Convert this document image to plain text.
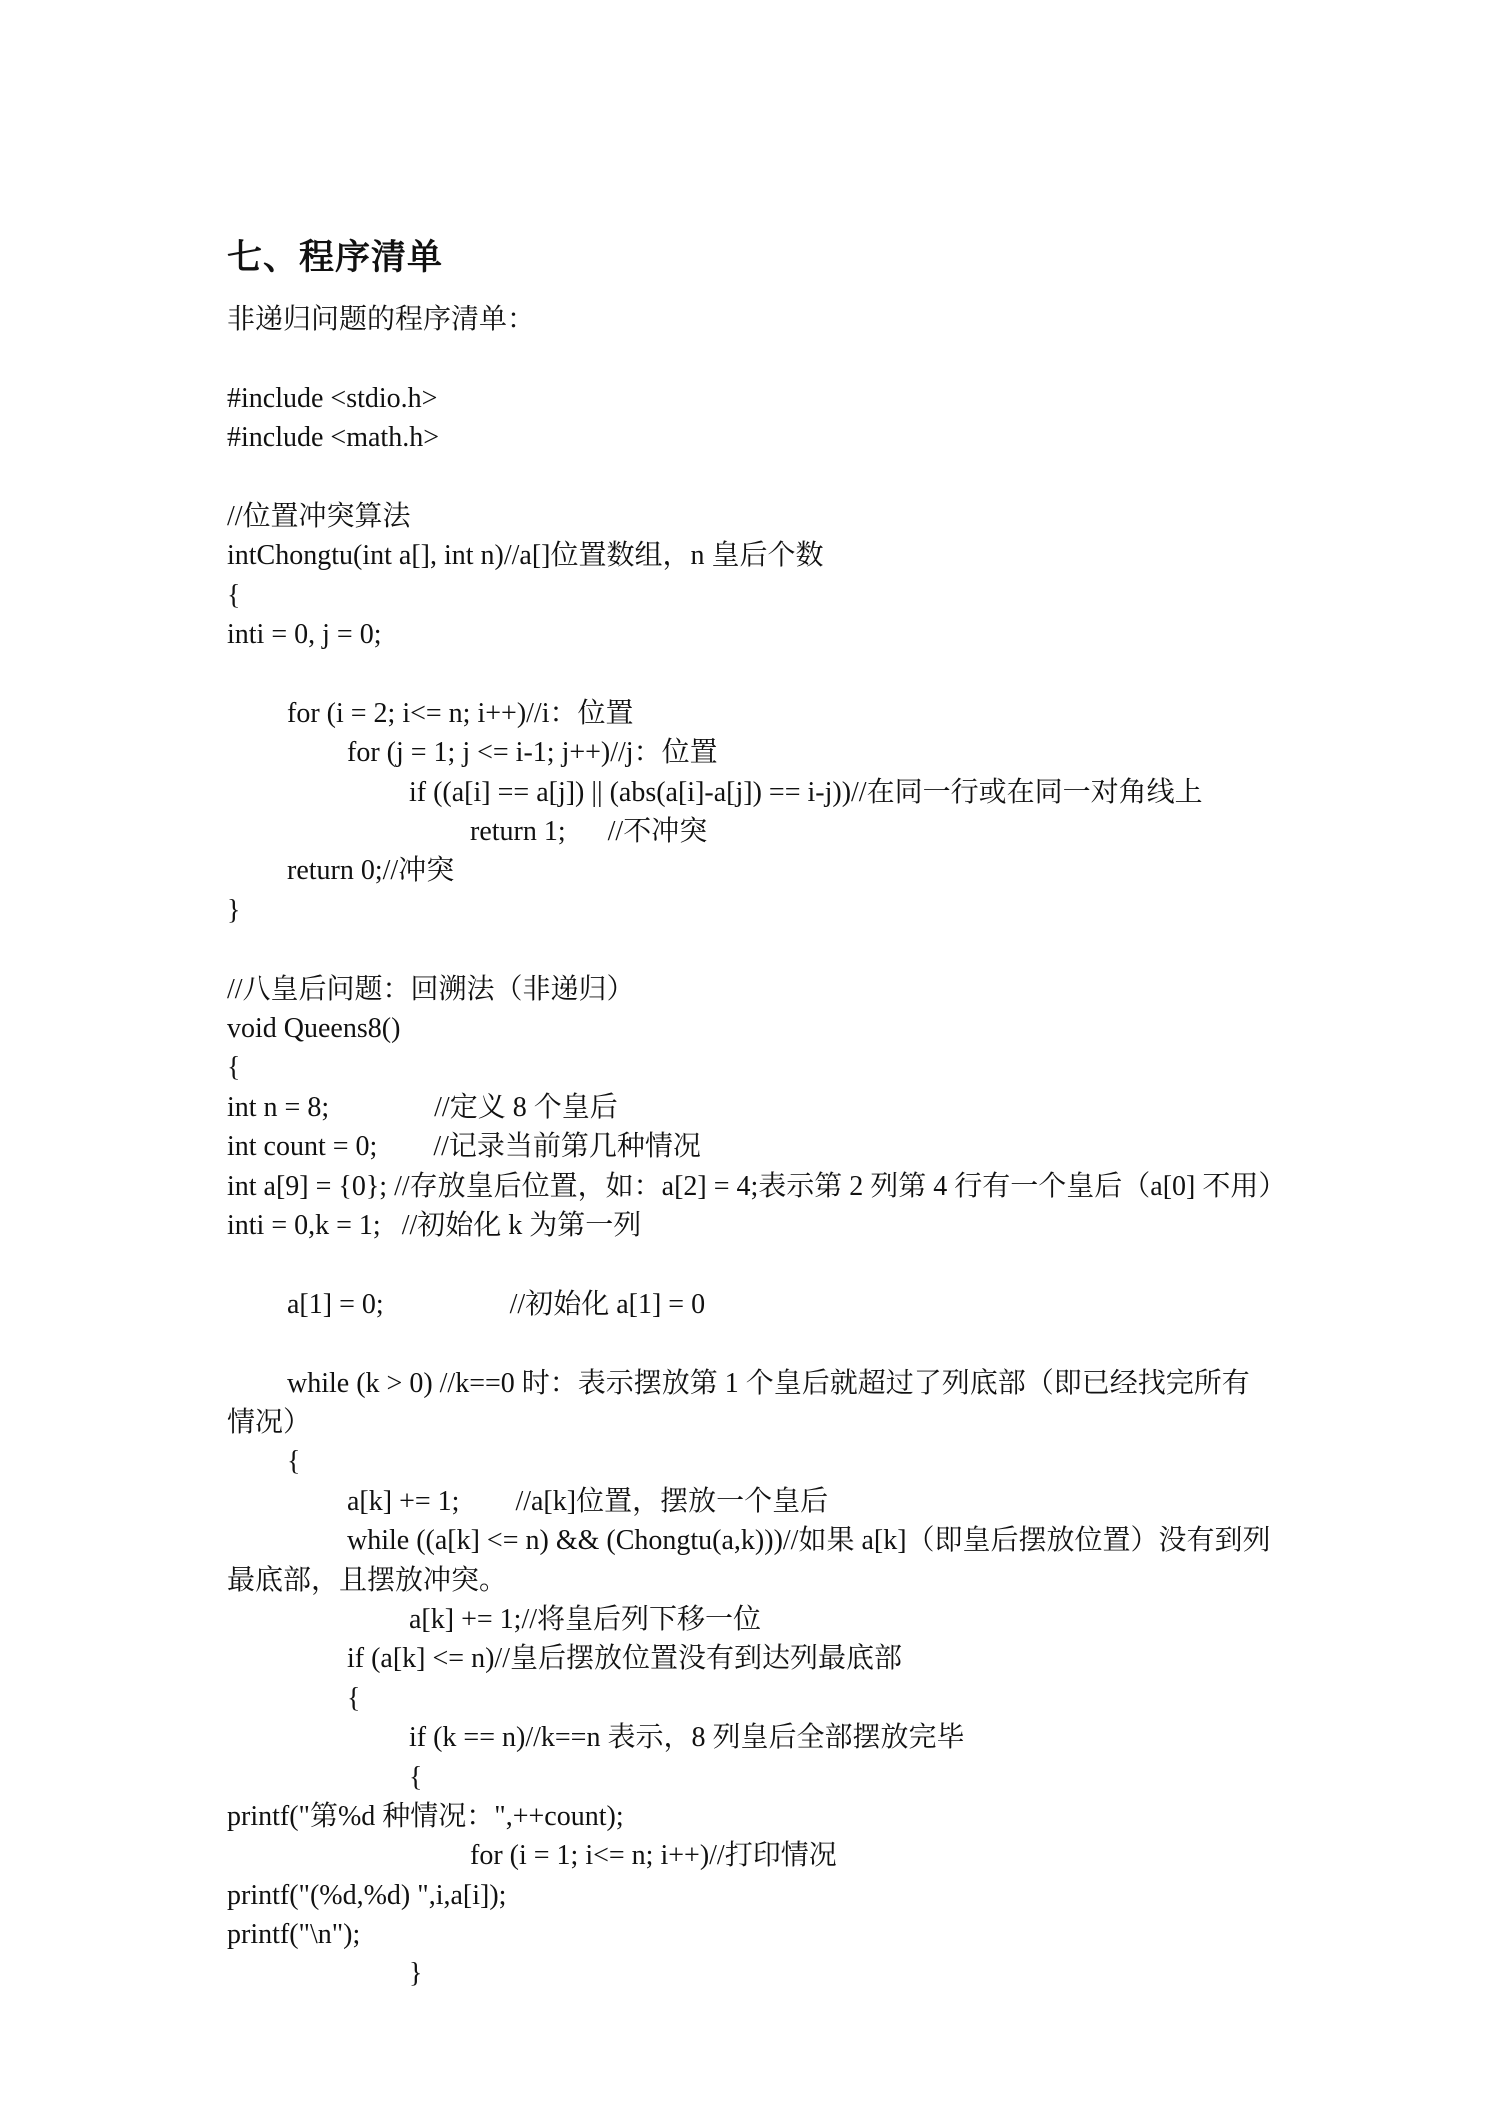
七、程序清单
非递归问题的程序清单：
#include <stdio.h>
#include <math.h>
//位置冲突算法
intChongtu(int a[], int n)//a[]位置数组，n 皇后个数
{
inti = 0, j = 0;
for (i = 2; i<= n; i++)//i：位置
for (j = 1; j <= i-1; j++)//j：位置
if ((a[i] == a[j]) || (abs(a[i]-a[j]) == i-j))//在同一行或在同一对角线上
return 1;      //不冲突
return 0;//冲突
}
//八皇后问题：回溯法（非递归）
void Queens8()
{
int n = 8;               //定义 8 个皇后
int count = 0;        //记录当前第几种情况
int a[9] = {0}; //存放皇后位置，如：a[2] = 4;表示第 2 列第 4 行有一个皇后（a[0] 不用）
inti = 0,k = 1;   //初始化 k 为第一列
a[1] = 0;                  //初始化 a[1] = 0
while (k > 0) //k==0 时：表示摆放第 1 个皇后就超过了列底部（即已经找完所有情况）
{
a[k] += 1;        //a[k]位置，摆放一个皇后
while ((a[k] <= n) && (Chongtu(a,k)))//如果 a[k]（即皇后摆放位置）没有到列最底部，且摆放冲突。
a[k] += 1;//将皇后列下移一位
if (a[k] <= n)//皇后摆放位置没有到达列最底部
{
if (k == n)//k==n 表示，8 列皇后全部摆放完毕
{
printf("第%d 种情况：",++count);
for (i = 1; i<= n; i++)//打印情况
printf("(%d,%d) ",i,a[i]);
printf("\n");
}
